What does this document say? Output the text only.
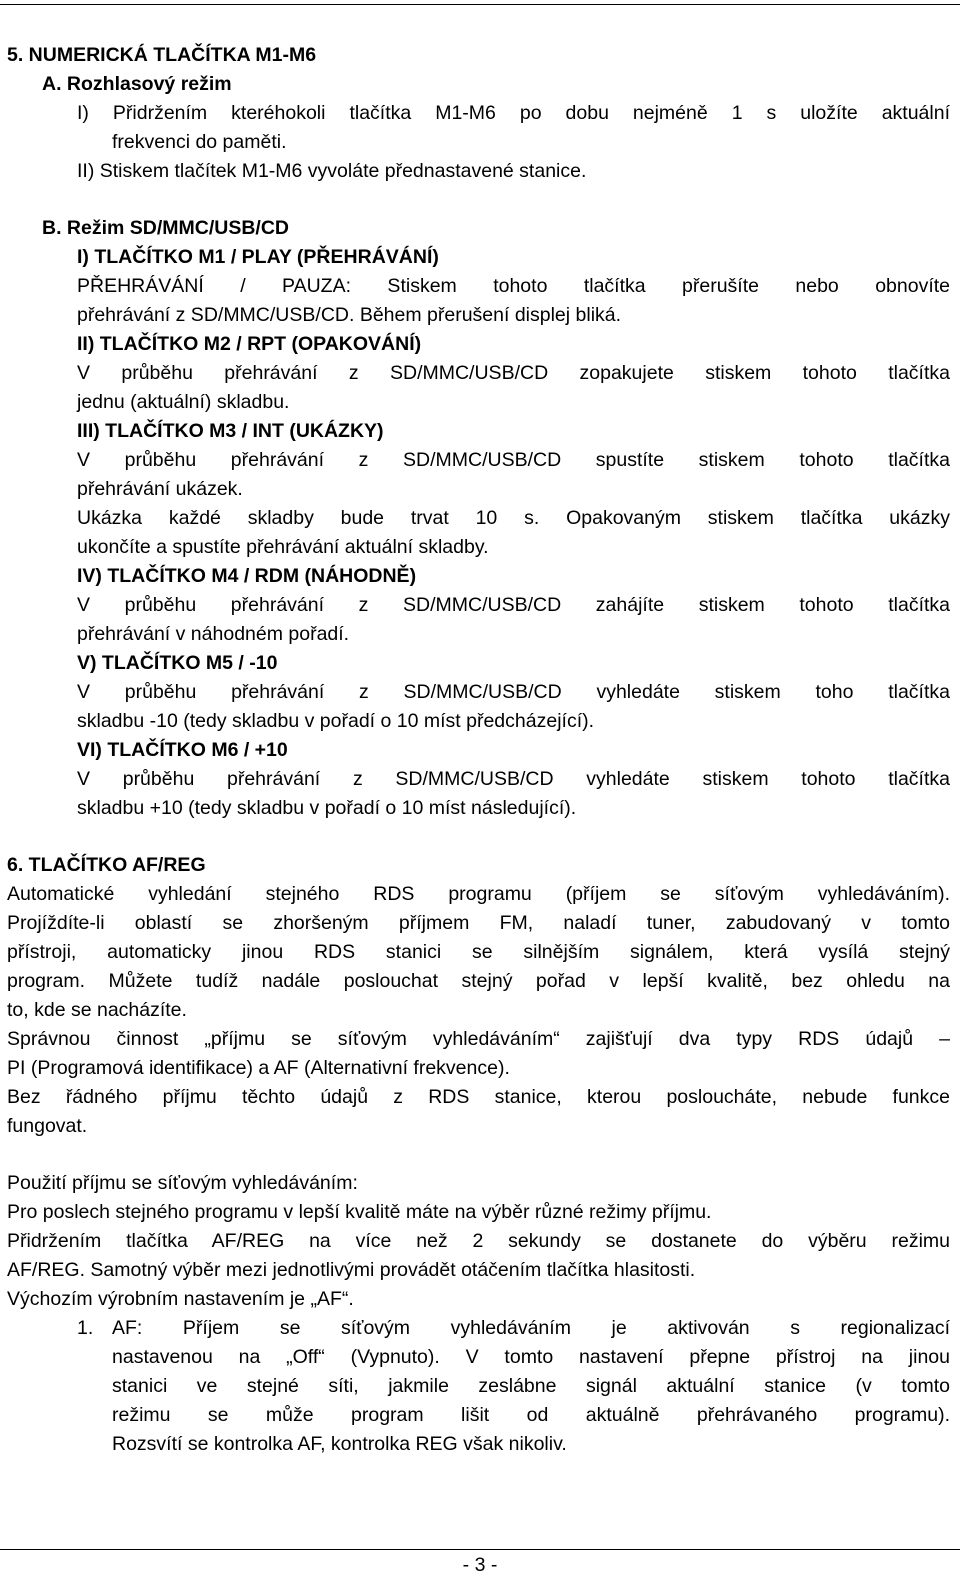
5. NUMERICKÁ TLAČÍTKA M1-M6
A. Rozhlasový režim
I) Přidržením kteréhokoli tlačítka M1-M6 po dobu nejméně 1 s uložíte aktuální
frekvenci do paměti.
II) Stiskem tlačítek M1-M6 vyvoláte přednastavené stanice.
B. Režim SD/MMC/USB/CD
I) TLAČÍTKO M1 / PLAY (PŘEHRÁVÁNÍ)
PŘEHRÁVÁNÍ / PAUZA: Stiskem tohoto tlačítka přerušíte nebo obnovíte
přehrávání z SD/MMC/USB/CD. Během přerušení displej bliká.
II) TLAČÍTKO M2 / RPT (OPAKOVÁNÍ)
V průběhu přehrávání z SD/MMC/USB/CD zopakujete stiskem tohoto tlačítka
jednu (aktuální) skladbu.
III) TLAČÍTKO M3 / INT (UKÁZKY)
V průběhu přehrávání z SD/MMC/USB/CD spustíte stiskem tohoto tlačítka
přehrávání ukázek.
Ukázka každé skladby bude trvat 10 s. Opakovaným stiskem tlačítka ukázky
ukončíte a spustíte přehrávání aktuální skladby.
IV) TLAČÍTKO M4 / RDM (NÁHODNĚ)
V průběhu přehrávání z SD/MMC/USB/CD zahájíte stiskem tohoto tlačítka
přehrávání v náhodném pořadí.
V) TLAČÍTKO M5 / -10
V průběhu přehrávání z SD/MMC/USB/CD vyhledáte stiskem toho tlačítka
skladbu -10 (tedy skladbu v pořadí o 10 míst předcházející).
VI) TLAČÍTKO M6 / +10
V průběhu přehrávání z SD/MMC/USB/CD vyhledáte stiskem tohoto tlačítka
skladbu +10 (tedy skladbu v pořadí o 10 míst následující).
6. TLAČÍTKO AF/REG
Automatické vyhledání stejného RDS programu (příjem se síťovým vyhledáváním).
Projíždíte-li oblastí se zhoršeným příjmem FM, naladí tuner, zabudovaný v tomto
přístroji, automaticky jinou RDS stanici se silnějším signálem, která vysílá stejný
program. Můžete tudíž nadále poslouchat stejný pořad v lepší kvalitě, bez ohledu na
to, kde se nacházíte.
Správnou činnost „příjmu se síťovým vyhledáváním“ zajišťují dva typy RDS údajů –
PI (Programová identifikace) a AF (Alternativní frekvence).
Bez řádného příjmu těchto údajů z RDS stanice, kterou posloucháte, nebude funkce
fungovat.
Použití příjmu se síťovým vyhledáváním:
Pro poslech stejného programu v lepší kvalitě máte na výběr různé režimy příjmu.
Přidržením tlačítka AF/REG na více než 2 sekundy se dostanete do výběru režimu
AF/REG. Samotný výběr mezi jednotlivými provádět otáčením tlačítka hlasitosti.
Výchozím výrobním nastavením je „AF“.
1. AF: Příjem se síťovým vyhledáváním je aktivován s regionalizací
nastavenou na „Off“ (Vypnuto). V tomto nastavení přepne přístroj na jinou
stanici ve stejné síti, jakmile zeslábne signál aktuální stanice (v tomto
režimu se může program lišit od aktuálně přehrávaného programu).
Rozsvítí se kontrolka AF, kontrolka REG však nikoliv.
- 3 -
